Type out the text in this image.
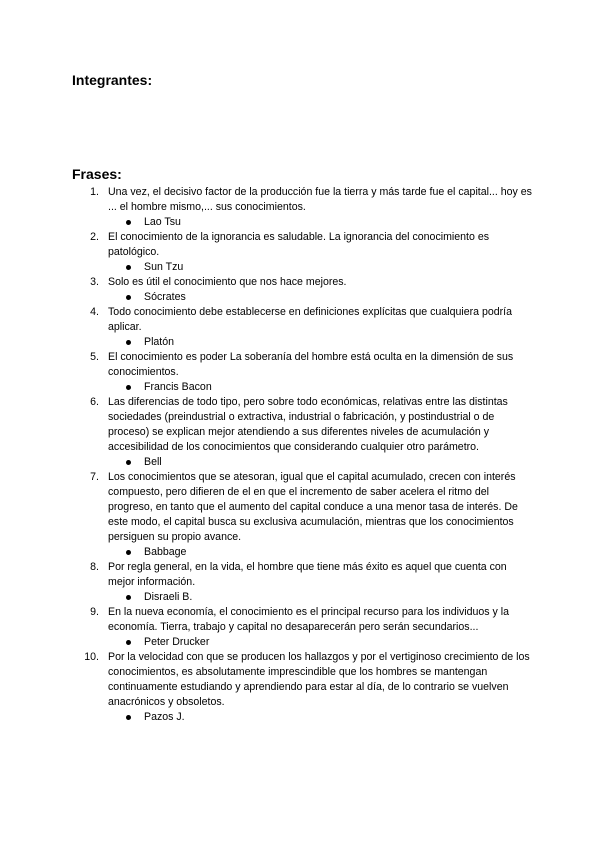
Integrantes:
Frases:
1. Una vez, el decisivo factor de la producción fue la tierra y más tarde fue el capital... hoy es ... el hombre mismo,... sus conocimientos.
Lao Tsu
2. El conocimiento de la ignorancia es saludable. La ignorancia del conocimiento es patológico.
Sun Tzu
3. Solo es útil el conocimiento que nos hace mejores.
Sócrates
4. Todo conocimiento debe establecerse en definiciones explícitas que cualquiera podría aplicar.
Platón
5. El conocimiento es poder La soberanía del hombre está oculta en la dimensión de sus conocimientos.
Francis Bacon
6. Las diferencias de todo tipo, pero sobre todo económicas, relativas entre las distintas sociedades (preindustrial o extractiva, industrial o fabricación, y postindustrial o de proceso) se explican mejor atendiendo a sus diferentes niveles de acumulación y accesibilidad de los conocimientos que considerando cualquier otro parámetro.
Bell
7. Los conocimientos que se atesoran, igual que el capital acumulado, crecen con interés compuesto, pero difieren de el en que el incremento de saber acelera el ritmo del progreso, en tanto que el aumento del capital conduce a una menor tasa de interés. De este modo, el capital busca su exclusiva acumulación, mientras que los conocimientos persiguen su propio avance.
Babbage
8. Por regla general, en la vida, el hombre que tiene más éxito es aquel que cuenta con mejor información.
Disraeli B.
9. En la nueva economía, el conocimiento es el principal recurso para los individuos y la economía. Tierra, trabajo y capital no desaparecerán pero serán secundarios...
Peter Drucker
10. Por la velocidad con que se producen los hallazgos y por el vertiginoso crecimiento de los conocimientos, es absolutamente imprescindible que los hombres se mantengan continuamente estudiando y aprendiendo para estar al día, de lo contrario se vuelven anacrónicos y obsoletos.
Pazos J.
